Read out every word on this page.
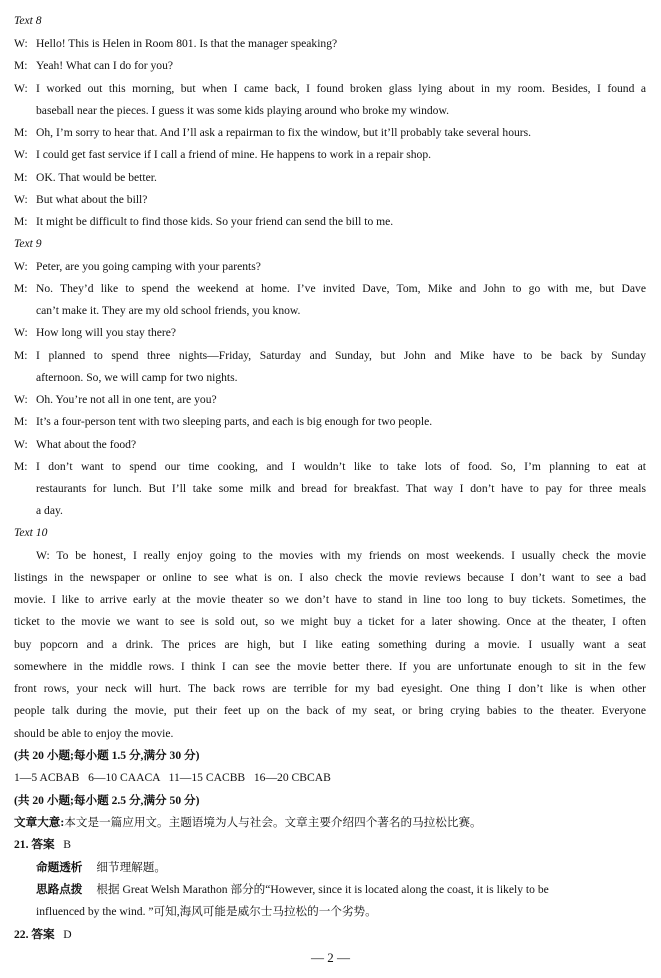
Text 8
W: Hello! This is Helen in Room 801. Is that the manager speaking?
M: Yeah! What can I do for you?
W: I worked out this morning, but when I came back, I found broken glass lying about in my room. Besides, I found a
baseball near the pieces. I guess it was some kids playing around who broke my window.
M: Oh, I’m sorry to hear that. And I’ll ask a repairman to fix the window, but it’ll probably take several hours.
W: I could get fast service if I call a friend of mine. He happens to work in a repair shop.
M: OK. That would be better.
W: But what about the bill?
M: It might be difficult to find those kids. So your friend can send the bill to me.
Text 9
W: Peter, are you going camping with your parents?
M: No. They’d like to spend the weekend at home. I’ve invited Dave, Tom, Mike and John to go with me, but Dave
can’t make it. They are my old school friends, you know.
W: How long will you stay there?
M: I planned to spend three nights—Friday, Saturday and Sunday, but John and Mike have to be back by Sunday
afternoon. So, we will camp for two nights.
W: Oh. You’re not all in one tent, are you?
M: It’s a four-person tent with two sleeping parts, and each is big enough for two people.
W: What about the food?
M: I don’t want to spend our time cooking, and I wouldn’t like to take lots of food. So, I’m planning to eat at
restaurants for lunch. But I’ll take some milk and bread for breakfast. That way I don’t have to pay for three meals
a day.
Text 10
W: To be honest, I really enjoy going to the movies with my friends on most weekends. I usually check the movie
listings in the newspaper or online to see what is on. I also check the movie reviews because I don’t want to see a bad
movie. I like to arrive early at the movie theater so we don’t have to stand in line too long to buy tickets. Sometimes, the
ticket to the movie we want to see is sold out, so we might buy a ticket for a later showing. Once at the theater, I often
buy popcorn and a drink. The prices are high, but I like eating something during a movie. I usually want a seat
somewhere in the middle rows. I think I can see the movie better there. If you are unfortunate enough to sit in the few
front rows, your neck will hurt. The back rows are terrible for my bad eyesight. One thing I don’t like is when other
people talk during the movie, put their feet up on the back of my seat, or bring crying babies to the theater. Everyone
should be able to enjoy the movie.
(共 20 小题;每小题 1.5 分,满分 30 分)
1—5 ACBAB   6—10 CAACA   11—15 CACBB   16—20 CBCAB
(共 20 小题;每小题 2.5 分,满分 50 分)
文章大意:本文是一篇应用文。主题语境为人与社会。文章主要介绍四个著名的马拉松比赛。
21. 答案 B
命题透析 细节理解题。
思路点拨 根据 Great Welsh Marathon 部分的“However, since it is located along the coast, it is likely to be
influenced by the wind. ”可知,海风可能是威尔士马拉松的一个劣势。
22. 答案 D
— 2 —
